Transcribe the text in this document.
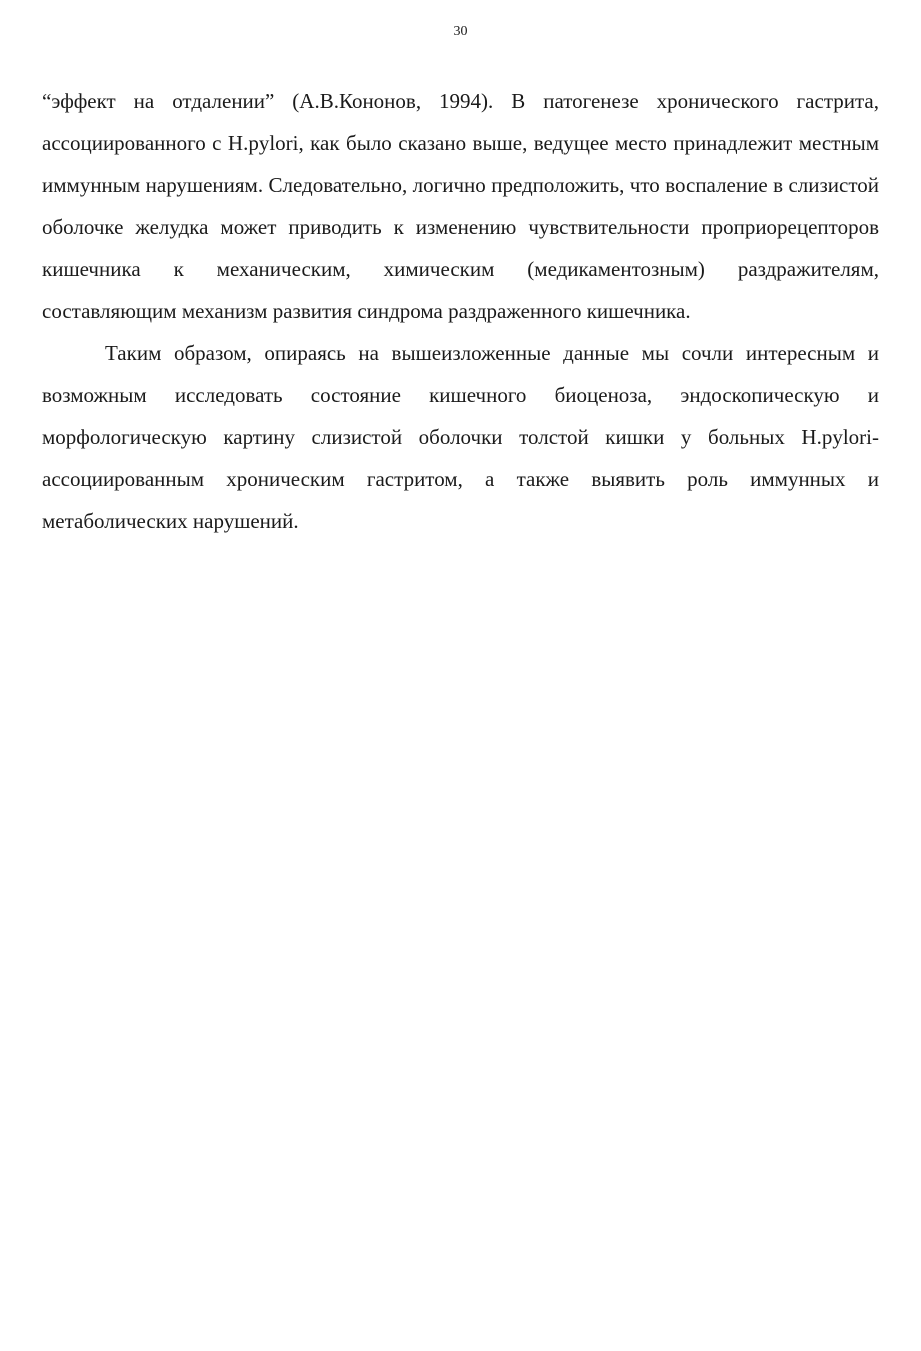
30

“эффект на отдалении” (А.В.Кононов, 1994). В патогенезе хронического гастрита, ассоциированного с H.pylori, как было сказано выше, ведущее место принадлежит местным иммунным нарушениям. Следовательно, логично предположить, что воспаление в слизистой оболочке желудка может приводить к изменению чувствительности проприорецепторов кишечника к механическим, химическим (медикаментозным) раздражителям, составляющим механизм развития синдрома раздраженного кишечника.

Таким образом, опираясь на вышеизложенные данные мы сочли интересным и возможным исследовать состояние кишечного биоценоза, эндоскопическую и морфологическую картину слизистой оболочки толстой кишки у больных H.pylori-ассоциированным хроническим гастритом, а также выявить роль иммунных и метаболических нарушений.
